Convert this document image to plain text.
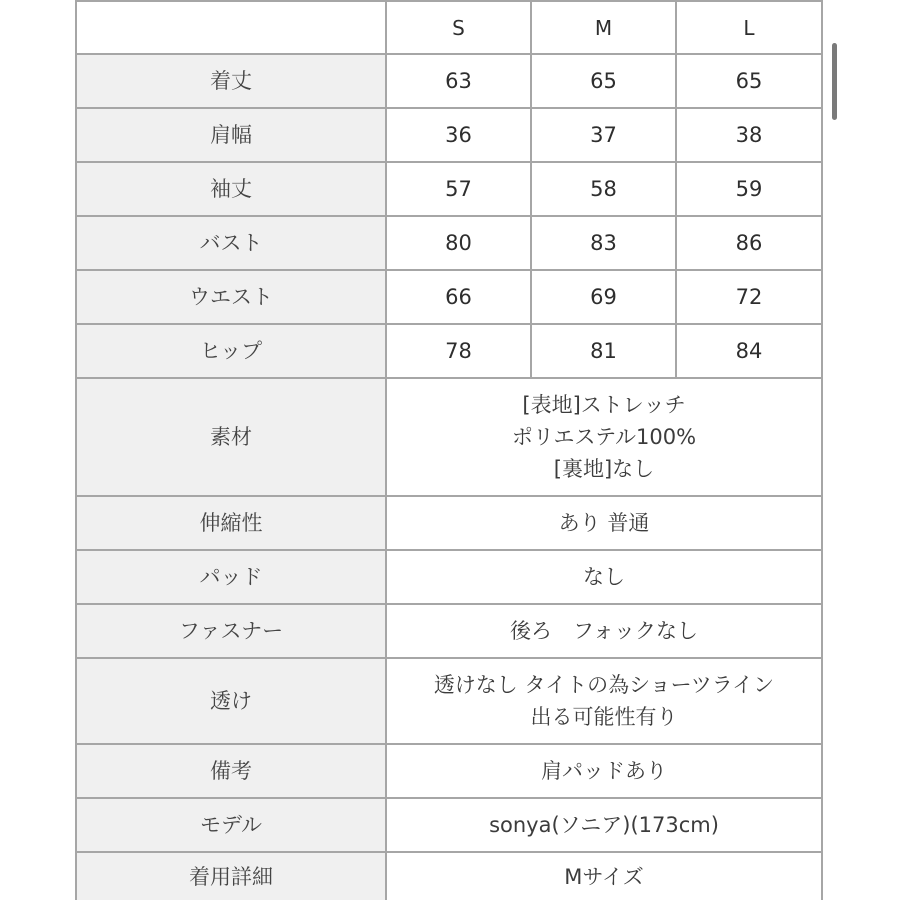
	S	M	L
着丈	63	65	65
肩幅	36	37	38
袖丈	57	58	59
バスト	80	83	86
ウエスト	66	69	72
ヒップ	78	81	84
素材	[表地]ストレッチ
ポリエステル100%
[裏地]なし		

伸縮性	あり 普通		
パッド	なし		
ファスナー	後ろ　フォックなし		
透け	透けなし タイトの為ショーツライン
出る可能性有り		

備考	肩パッドあり		
モデル	sonya(ソニア)(173cm)		
着用詳細	Mサイズ		
